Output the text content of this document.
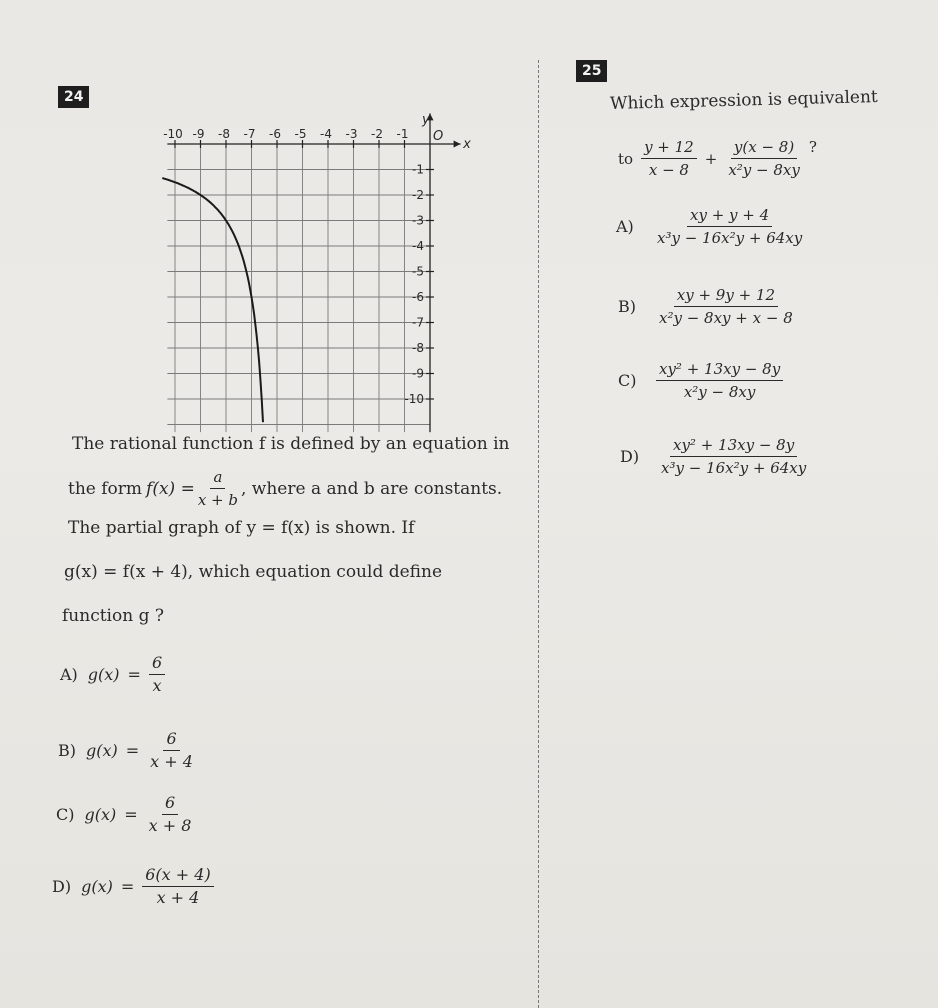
24
-10 -9 -8 -7 -6 -5 -4 -3 -2 -1
-1
-2
-3
-4
-5
-6
-7
-8
-9
-10
y
x
O
The rational function f is defined by an equation in
the form $f(x) = \frac{a}{x + b}$ , where a and b are constants.
The partial graph of y = f(x) is shown. If
g(x) = f(x + 4), which equation could define
function g ?
A) $g(x) = \frac{6}{x}$
B) $g(x) = \frac{6}{x + 4}$
C) $g(x) = \frac{6}{x + 8}$
D) $g(x) = \frac{6(x + 4)}{x + 4}$
25
Which expression is equivalent
to $\frac{y + 12}{x - 8} + \frac{y(x - 8)}{\text{x²y − 8xy}}$ ?
A)	$\frac{xy + y + 4}{\text{x³y − 16x²y + 64xy}}$
B)	$\frac{xy + 9y + 12}{\text{x²y − 8xy + x − 8}}$
C)	$\frac{\text{xy² + 13xy − 8y}}{\text{x²y − 8xy}}$
D)	$\frac{\text{xy² + 13xy − 8y}}{\text{x³y − 16x²y + 64xy}}$
